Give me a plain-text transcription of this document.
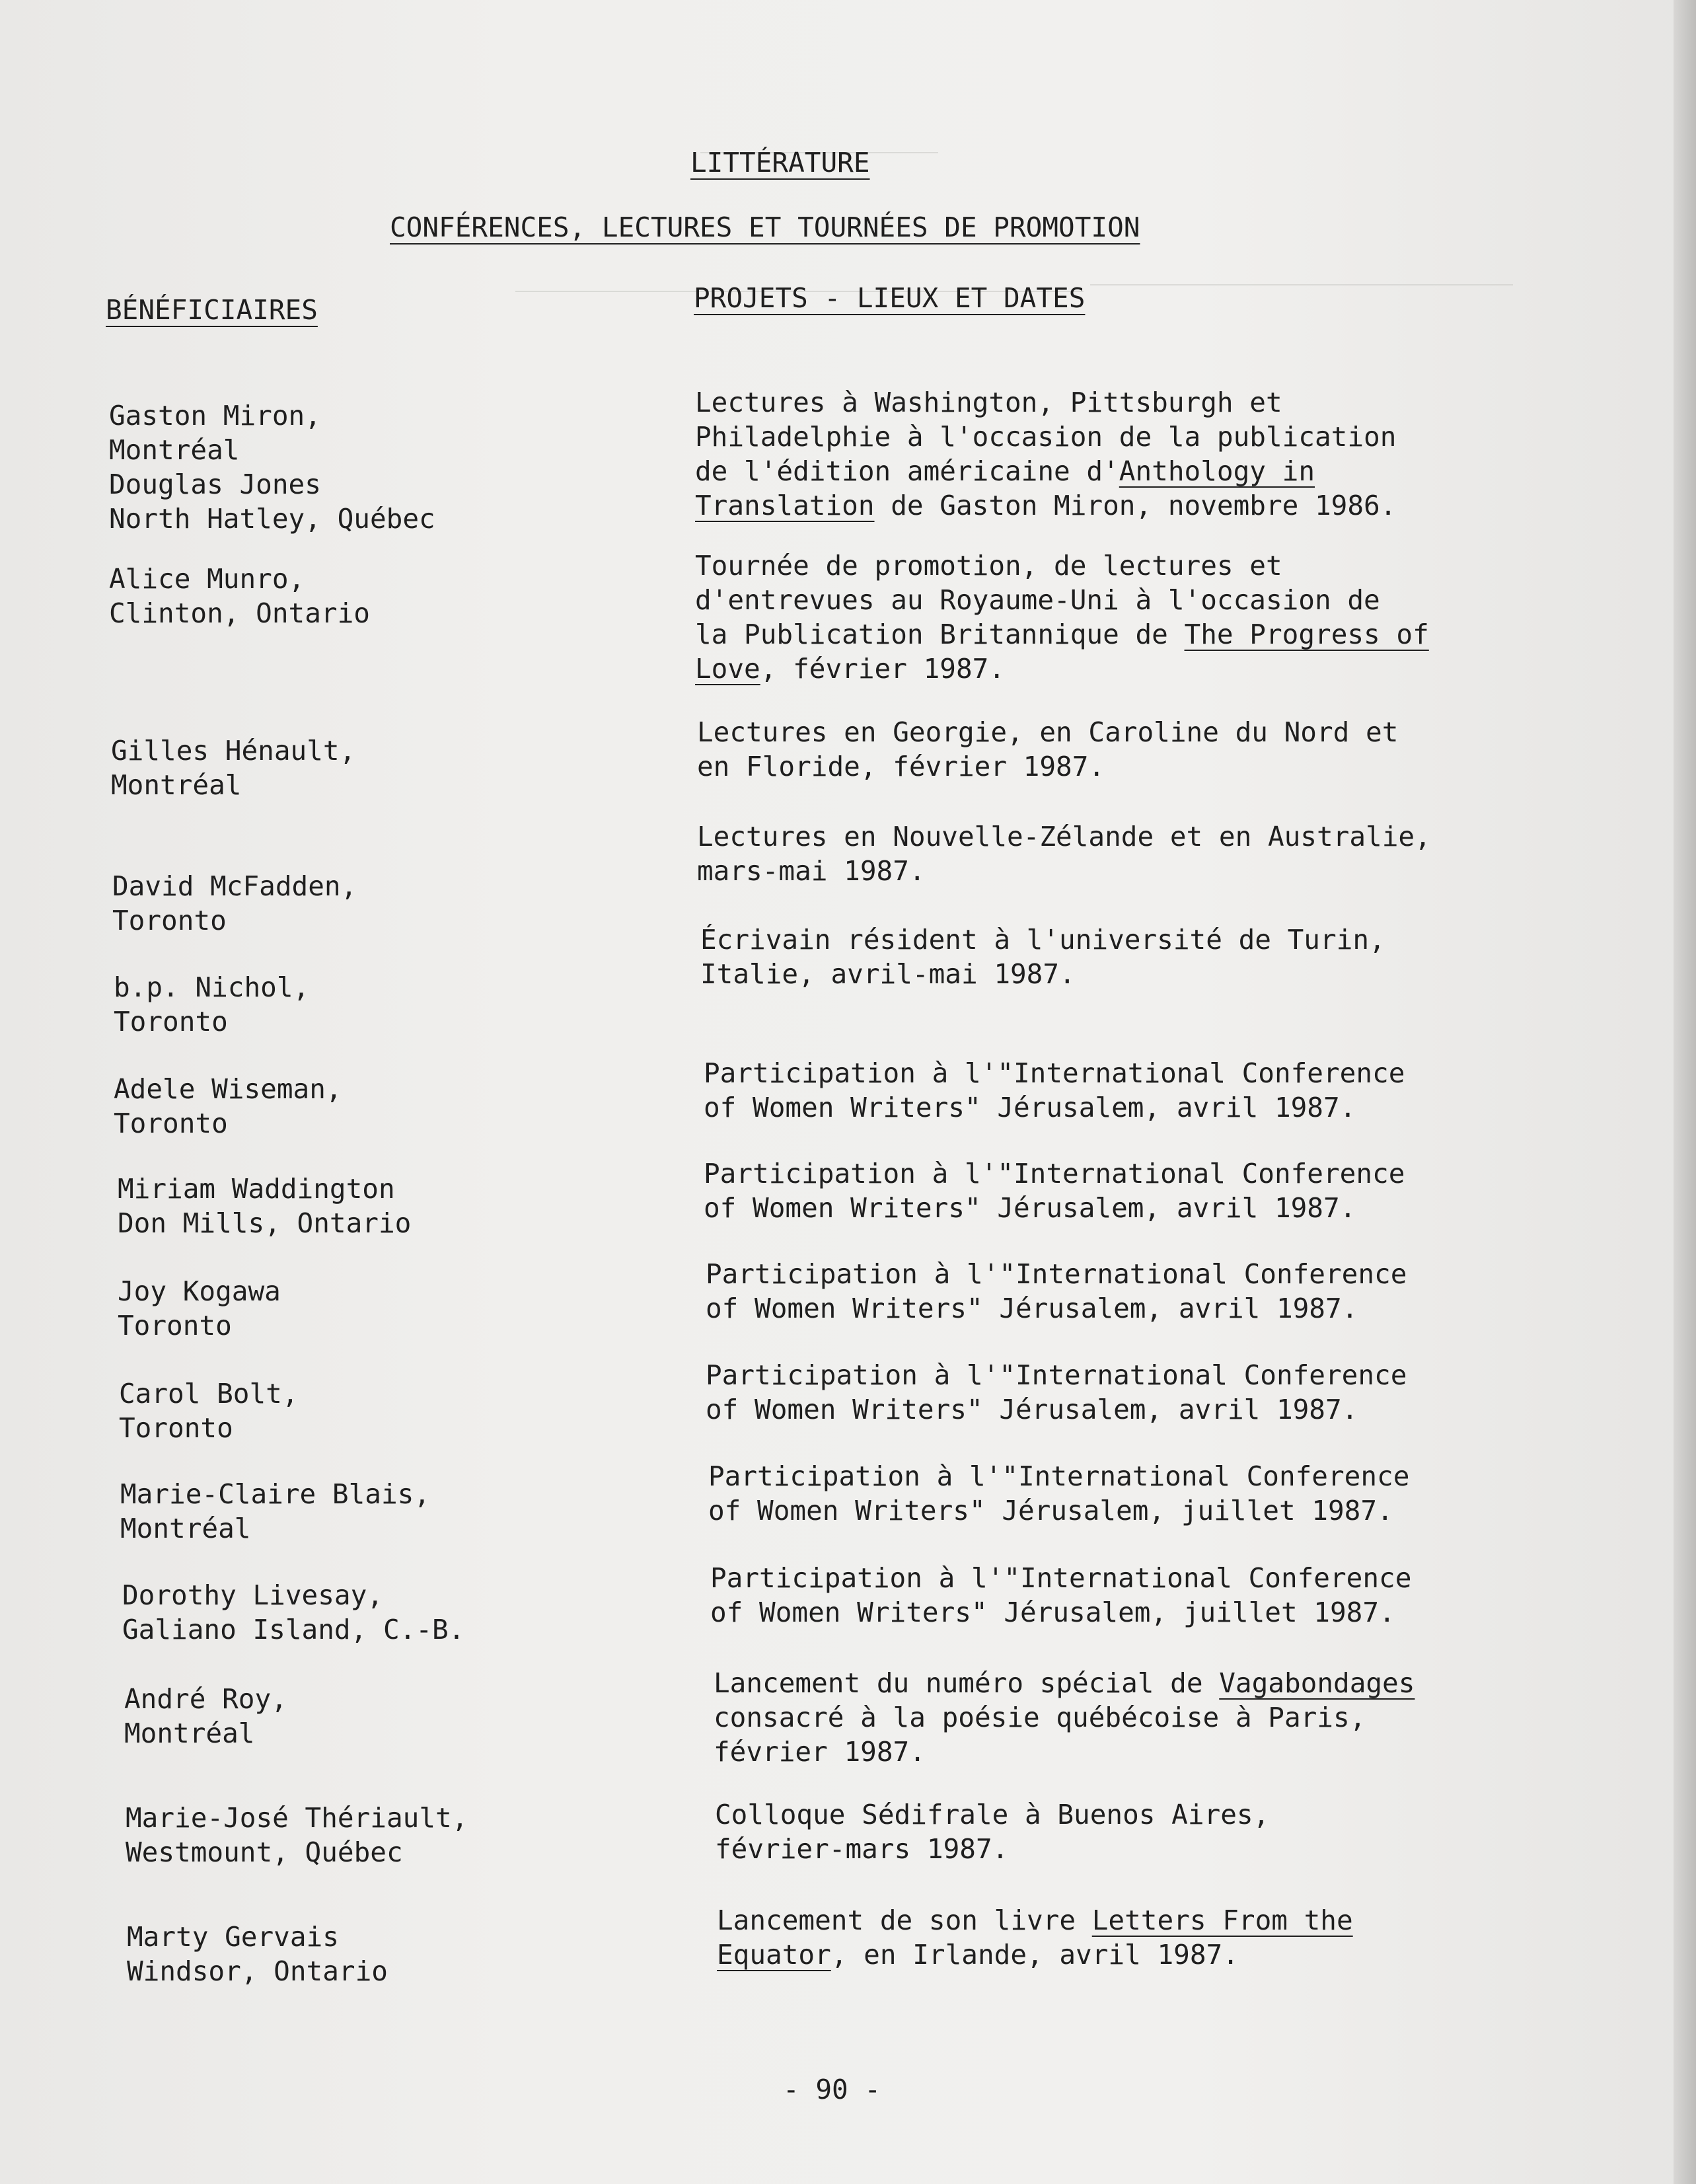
LITTÉRATURE
CONFÉRENCES, LECTURES ET TOURNÉES DE PROMOTION
BÉNÉFICIAIRES	PROJETS - LIEUX ET DATES
Gaston Miron,
Montréal
Douglas Jones
North Hatley, Québec
Lectures à Washington, Pittsburgh et
Philadelphie à l'occasion de la publication
de l'édition américaine d'Anthology in
Translation de Gaston Miron, novembre 1986.
Alice Munro,
Clinton, Ontario
Tournée de promotion, de lectures et
d'entrevues au Royaume-Uni à l'occasion de
la Publication Britannique de The Progress of
Love, février 1987.
Gilles Hénault,
Montréal
Lectures en Georgie, en Caroline du Nord et
en Floride, février 1987.
David McFadden,
Toronto
Lectures en Nouvelle-Zélande et en Australie,
mars-mai 1987.
b.p. Nichol,
Toronto
Écrivain résident à l'université de Turin,
Italie, avril-mai 1987.
Adele Wiseman,
Toronto
Participation à l'"International Conference
of Women Writers" Jérusalem, avril 1987.
Miriam Waddington
Don Mills, Ontario
Participation à l'"International Conference
of Women Writers" Jérusalem, avril 1987.
Joy Kogawa
Toronto
Participation à l'"International Conference
of Women Writers" Jérusalem, avril 1987.
Carol Bolt,
Toronto
Participation à l'"International Conference
of Women Writers" Jérusalem, avril 1987.
Marie-Claire Blais,
Montréal
Participation à l'"International Conference
of Women Writers" Jérusalem, juillet 1987.
Dorothy Livesay,
Galiano Island, C.-B.
Participation à l'"International Conference
of Women Writers" Jérusalem, juillet 1987.
André Roy,
Montréal
Lancement du numéro spécial de Vagabondages
consacré à la poésie québécoise à Paris,
février 1987.
Marie-José Thériault,
Westmount, Québec
Colloque Sédifrale à Buenos Aires,
février-mars 1987.
Marty Gervais
Windsor, Ontario
Lancement de son livre Letters From the
Equator, en Irlande, avril 1987.
- 90 -
